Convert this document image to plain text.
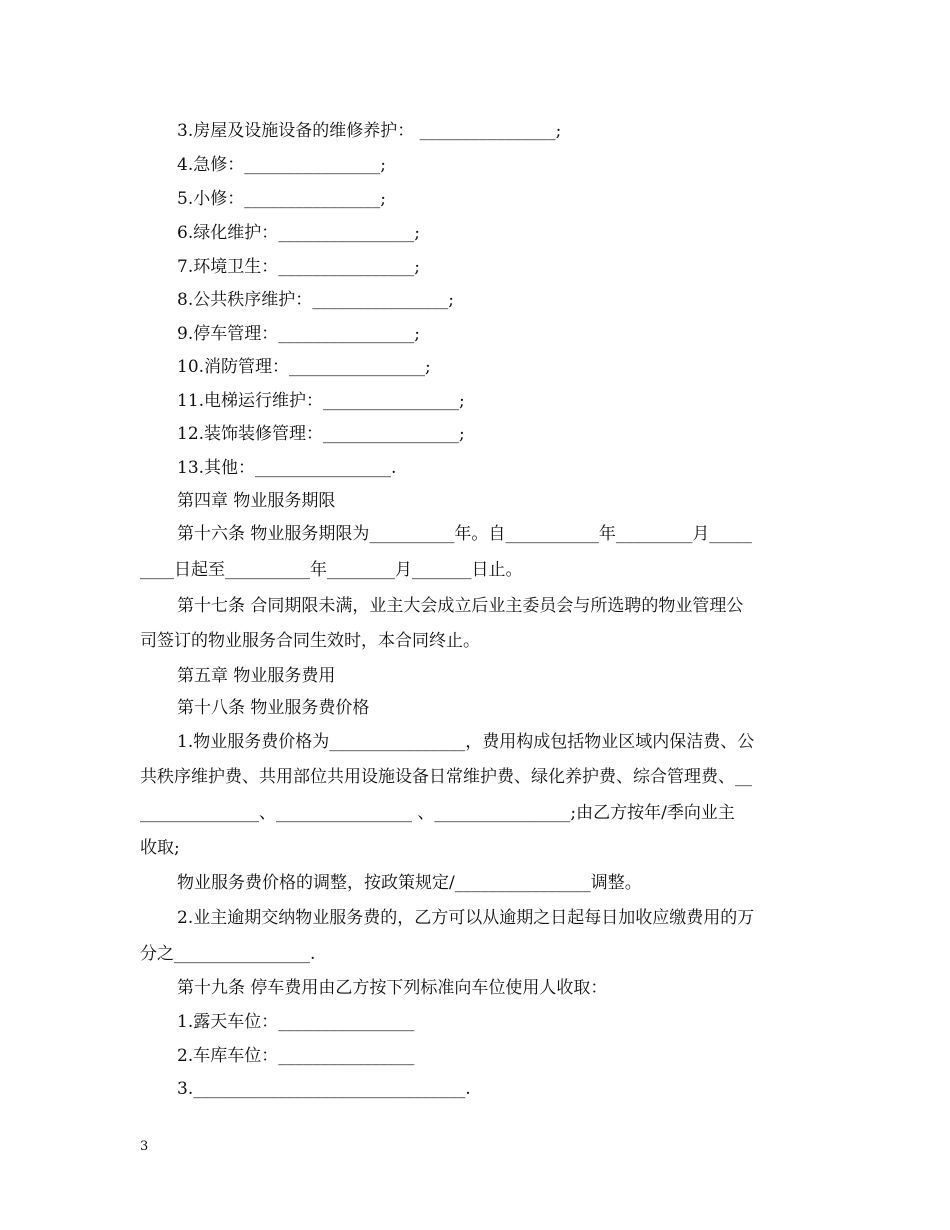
3.房屋及设施设备的维修养护： ________________;
4.急修：________________;
5.小修：________________;
6.绿化维护：________________;
7.环境卫生：________________;
8.公共秩序维护：________________;
9.停车管理：________________;
10.消防管理：________________;
11.电梯运行维护：________________;
12.装饰装修管理：________________;
13.其他：________________.
第四章 物业服务期限
第十六条 物业服务期限为__________年。自___________年_________月_____
____日起至__________年________月_______日止。
第十七条 合同期限未满，业主大会成立后业主委员会与所选聘的物业管理公
司签订的物业服务合同生效时，本合同终止。
第五章 物业服务费用
第十八条 物业服务费价格
1.物业服务费价格为________________，费用构成包括物业区域内保洁费、公
共秩序维护费、共用部位共用设施设备日常维护费、绿化养护费、综合管理费、__
______________、________________ 、________________;由乙方按年/季向业主
收取;
物业服务费价格的调整，按政策规定/________________调整。
2.业主逾期交纳物业服务费的，乙方可以从逾期之日起每日加收应缴费用的万
分之________________.
第十九条 停车费用由乙方按下列标准向车位使用人收取：
1.露天车位：________________
2.车库车位：________________
3.________________________________.
3
